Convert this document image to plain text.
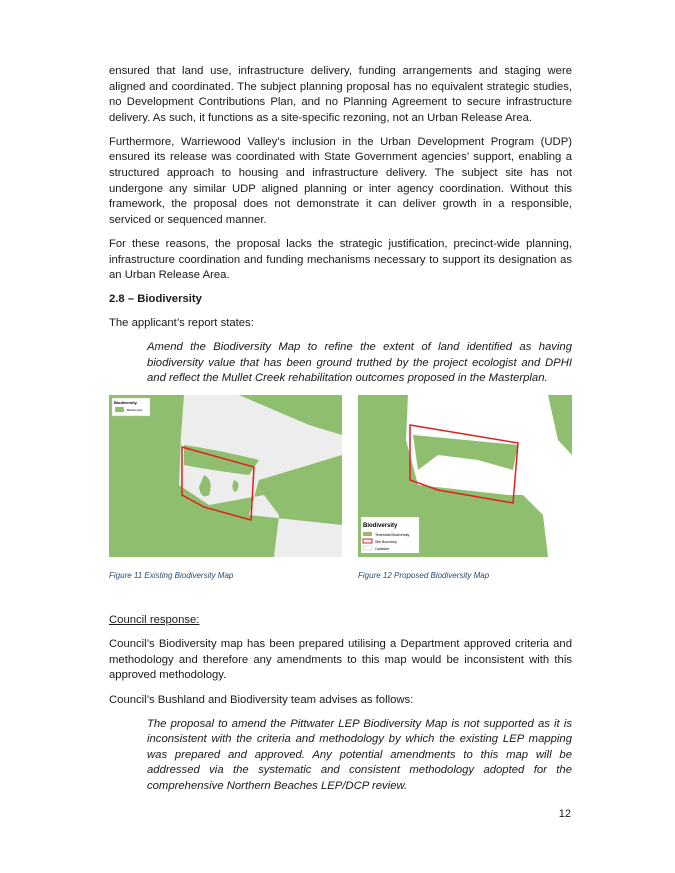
ensured that land use, infrastructure delivery, funding arrangements and staging were aligned and coordinated. The subject planning proposal has no equivalent strategic studies, no Development Contributions Plan, and no Planning Agreement to secure infrastructure delivery. As such, it functions as a site-specific rezoning, not an Urban Release Area.

Furthermore, Warriewood Valley’s inclusion in the Urban Development Program (UDP) ensured its release was coordinated with State Government agencies’ support, enabling a structured approach to housing and infrastructure delivery. The subject site has not undergone any similar UDP aligned planning or inter agency coordination. Without this framework, the proposal does not demonstrate it can deliver growth in a responsible, serviced or sequenced manner.

For these reasons, the proposal lacks the strategic justification, precinct-wide planning, infrastructure coordination and funding mechanisms necessary to support its designation as an Urban Release Area.

2.8 – Biodiversity

The applicant’s report states:

Amend the Biodiversity Map to refine the extent of land identified as having biodiversity value that has been ground truthed by the project ecologist and DPHI and reflect the Mullet Creek rehabilitation outcomes proposed in the Masterplan.

Biodiversity
Biodiversity
Figure 11 Existing Biodiversity Map
Biodiversity
Terrestrial Biodiversity
Site Boundary
Cadastre
Figure 12 Proposed Biodiversity Map

Council response:

Council’s Biodiversity map has been prepared utilising a Department approved criteria and methodology and therefore any amendments to this map would be inconsistent with this approved methodology.

Council’s Bushland and Biodiversity team advises as follows:

The proposal to amend the Pittwater LEP Biodiversity Map is not supported as it is inconsistent with the criteria and methodology by which the existing LEP mapping was prepared and approved. Any potential amendments to this map will be addressed via the systematic and consistent methodology adopted for the comprehensive Northern Beaches LEP/DCP review.

12
